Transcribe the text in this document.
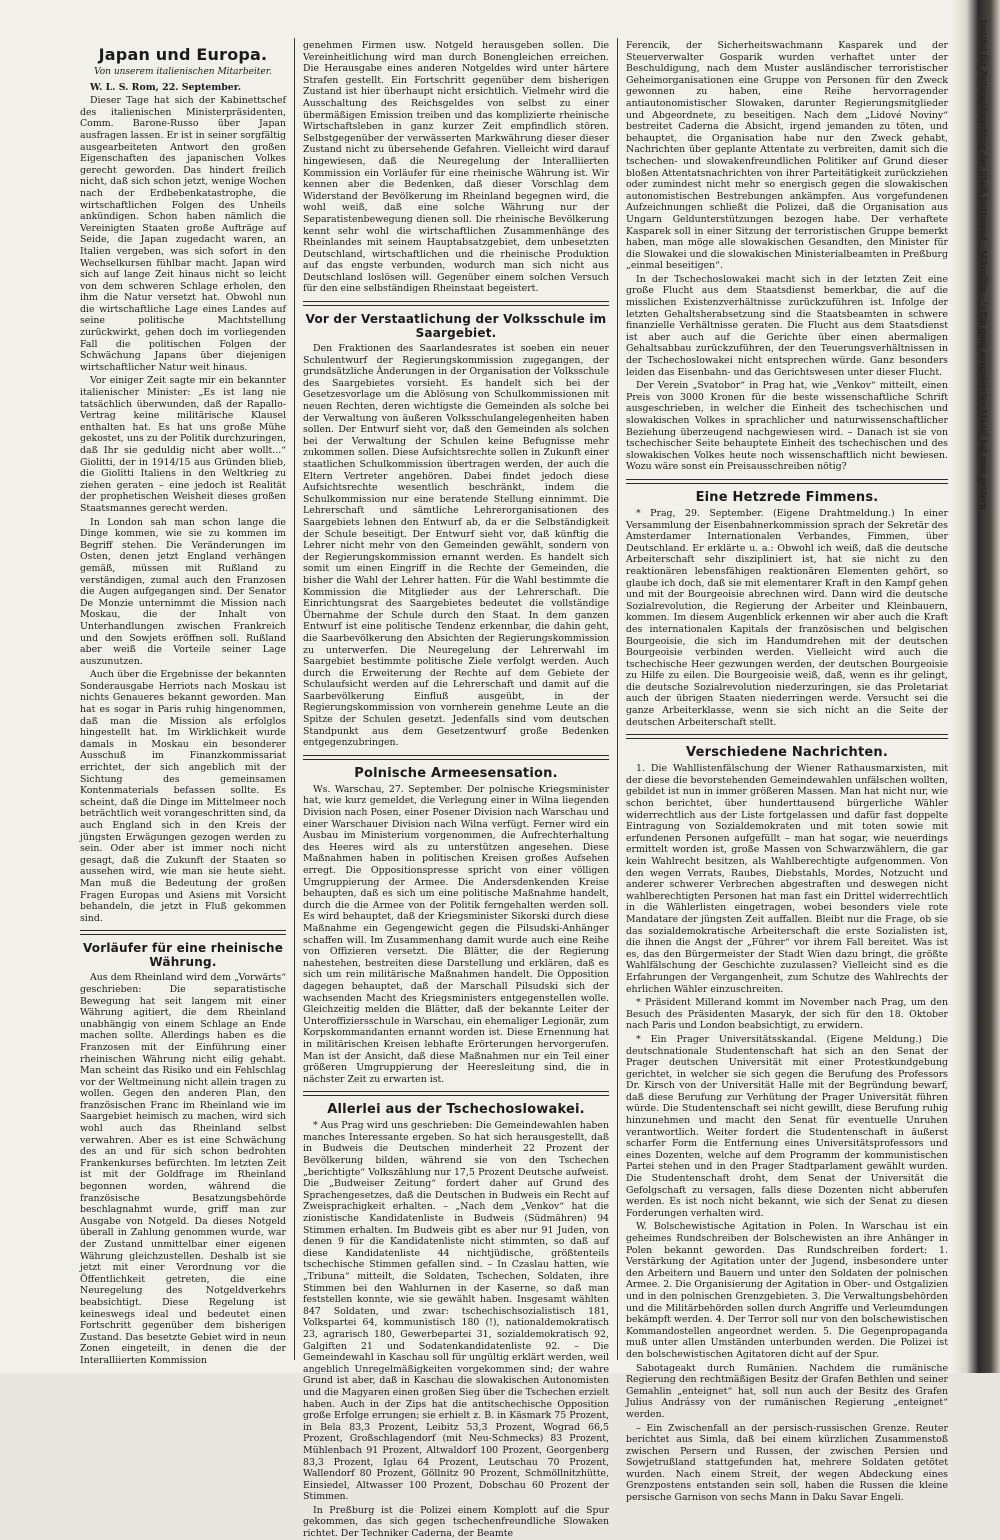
Japan und Europa.
Von unserem italienischen Mitarbeiter.

W. L. S. Rom, 22. September.

Dieser Tage hat sich der Kabinettschef des italienischen Ministerpräsidenten, Comm. Barone-Russo über Japan ausfragen lassen. Er ist in seiner sorgfältig ausgearbeiteten Antwort den großen Eigenschaften des japanischen Volkes gerecht geworden. Das hindert freilich nicht, daß sich schon jetzt, wenige Wochen nach der Erdbebenkatastrophe, die wirtschaftlichen Folgen des Unheils ankündigen. Schon haben nämlich die Vereinigten Staaten große Aufträge auf Seide, die Japan zugedacht waren, an Italien vergeben, was sich sofort in den Wechselkursen fühlbar macht. Japan wird sich auf lange Zeit hinaus nicht so leicht von dem schweren Schlage erholen, den ihm die Natur versetzt hat. Obwohl nun die wirtschaftliche Lage eines Landes auf seine politische Machtstellung zurückwirkt, gehen doch im vorliegenden Fall die politischen Folgen der Schwächung Japans über diejenigen wirtschaftlicher Natur weit hinaus.

Vor einiger Zeit sagte mir ein bekannter italienischer Minister: „Es ist lang nie tatsächlich überwunden, daß der Rapallo-Vertrag keine militärische Klausel enthalten hat. Es hat uns große Mühe gekostet, uns zu der Politik durchzuringen, daß Ihr sie geduldig nicht aber wollt...“ Giolitti, der in 1914/15 aus Gründen blieb, die Giolitti Italiens in den Weltkrieg zu ziehen geraten – eine jedoch ist Realität der prophetischen Weisheit dieses großen Staatsmannes gerecht werden.

In London sah man schon lange die Dinge kommen, wie sie zu kommen im Begriff stehen. Die Veränderungen im Osten, denen jetzt England verhängen gemäß, müssen mit Rußland zu verständigen, zumal auch den Franzosen die Augen aufgegangen sind. Der Senator De Monzie unternimmt die Mission nach Moskau, die der Inhalt von Unterhandlungen zwischen Frankreich und den Sowjets eröffnen soll. Rußland aber weiß die Vorteile seiner Lage auszunutzen.

Auch über die Ergebnisse der bekannten Sonderausgabe Herriots nach Moskau ist nichts Genaueres bekannt geworden. Man hat es sogar in Paris ruhig hingenommen, daß man die Mission als erfolglos hingestellt hat. Im Wirklichkeit wurde damals in Moskau ein besonderer Ausschuß im Finanzkommissariat errichtet, der sich angeblich mit der Sichtung des gemeinsamen Kontenmaterials befassen sollte. Es scheint, daß die Dinge im Mittelmeer noch beträchtlich weit vorangeschritten sind, da auch England sich in den Kreis der jüngsten Erwägungen gezogen werden zu sein. Oder aber ist immer noch nicht gesagt, daß die Zukunft der Staaten so aussehen wird, wie man sie heute sieht. Man muß die Bedeutung der großen Fragen Europas und Asiens mit Vorsicht behandeln, die jetzt in Fluß gekommen sind.

Vorläufer für eine rheinische Währung.

Aus dem Rheinland wird dem „Vorwärts“ geschrieben: Die separatistische Bewegung hat seit langem mit einer Währung agitiert, die dem Rheinland unabhängig von einem Schlage an Ende machen sollte. Allerdings haben es die Franzosen mit der Einführung einer rheinischen Währung nicht eilig gehabt. Man scheint das Risiko und ein Fehlschlag vor der Weltmeinung nicht allein tragen zu wollen. Gegen den anderen Plan, den französischen Franc im Rheinland wie im Saargebiet heimisch zu machen, wird sich wohl auch das Rheinland selbst verwahren. Aber es ist eine Schwächung des an und für sich schon bedrohten Frankenkurses befürchten. Im letzten Zeit ist mit der Goldfrage im Rheinland begonnen worden, während die französische Besatzungsbehörde beschlagnahmt wurde, griff man zur Ausgabe von Notgeld. Da dieses Notgeld überall in Zahlung genommen wurde, war der Zustand unmittelbar einer eigenen Währung gleichzustellen. Deshalb ist sie jetzt mit einer Verordnung vor die Öffentlichkeit getreten, die eine Neuregelung des Notgeldverkehrs beabsichtigt. Diese Regelung ist keineswegs ideal und bedeutet einen Fortschritt gegenüber dem bisherigen Zustand. Das besetzte Gebiet wird in neun Zonen eingeteilt, in denen die der Interalliierten Kommission

genehmen Firmen usw. Notgeld herausgeben sollen. Die Vereinheitlichung wird man durch Bonengleichen erreichen. Die Herausgabe eines anderen Notgeldes wird unter härtere Strafen gestellt. Ein Fortschritt gegenüber dem bisherigen Zustand ist hier überhaupt nicht ersichtlich. Vielmehr wird die Ausschaltung des Reichsgeldes von selbst zu einer übermäßigen Emission treiben und das komplizierte rheinische Wirtschaftsleben in ganz kurzer Zeit empfindlich stören. Selbstgegenüber der verwässerten Markwährung dieser dieser Zustand nicht zu übersehende Gefahren. Vielleicht wird darauf hingewiesen, daß die Neuregelung der Interalliierten Kommission ein Vorläufer für eine rheinische Währung ist. Wir kennen aber die Bedenken, daß dieser Vorschlag dem Widerstand der Bevölkerung im Rheinland begegnen wird, die wohl weiß, daß eine solche Währung nur der Separatistenbewegung dienen soll. Die rheinische Bevölkerung kennt sehr wohl die wirtschaftlichen Zusammenhänge des Rheinlandes mit seinem Hauptabsatzgebiet, dem unbesetzten Deutschland, wirtschaftlichen und die rheinische Produktion auf das engste verbunden, wodurch man sich nicht aus Deutschland loslösen will. Gegenüber einem solchen Versuch für den eine selbständigen Rheinstaat begeistert.

Vor der Verstaatlichung der Volksschule im Saargebiet.

Den Fraktionen des Saarlandesrates ist soeben ein neuer Schulentwurf der Regierungskommission zugegangen, der grundsätzliche Änderungen in der Organisation der Volksschule des Saargebietes vorsieht. Es handelt sich bei der Gesetzesvorlage um die Ablösung von Schulkommissionen mit neuen Rechten, deren wichtigste die Gemeinden als solche bei der Verwaltung von äußeren Volksschulangelegenheiten haben sollen. Der Entwurf sieht vor, daß den Gemeinden als solchen bei der Verwaltung der Schulen keine Befugnisse mehr zukommen sollen. Diese Aufsichtsrechte sollen in Zukunft einer staatlichen Schulkommission übertragen werden, der auch die Eltern Vertreter angehören. Dabei findet jedoch diese Aufsichtsrechte wesentlich beschränkt, indem die Schulkommission nur eine beratende Stellung einnimmt. Die Lehrerschaft und sämtliche Lehrerorganisationen des Saargebiets lehnen den Entwurf ab, da er die Selbständigkeit der Schule beseitigt. Der Entwurf sieht vor, daß künftig die Lehrer nicht mehr von den Gemeinden gewählt, sondern von der Regierungskommission ernannt werden. Es handelt sich somit um einen Eingriff in die Rechte der Gemeinden, die bisher die Wahl der Lehrer hatten. Für die Wahl bestimmte die Kommission die Mitglieder aus der Lehrerschaft. Die Einrichtungsrat des Saargebietes bedeutet die vollständige Übernahme der Schule durch den Staat. In dem ganzen Entwurf ist eine politische Tendenz erkennbar, die dahin geht, die Saarbevölkerung den Absichten der Regierungskommission zu unterwerfen. Die Neuregelung der Lehrerwahl im Saargebiet bestimmte politische Ziele verfolgt werden. Auch durch die Erweiterung der Rechte auf dem Gebiete der Schulaufsicht werden auf die Lehrerschaft und damit auf die Saarbevölkerung Einfluß ausgeübt, in der Regierungskommission von vornherein genehme Leute an die Spitze der Schulen gesetzt. Jedenfalls sind vom deutschen Standpunkt aus dem Gesetzentwurf große Bedenken entgegenzubringen.

Polnische Armeesensation.

Ws. Warschau, 27. September. Der polnische Kriegsminister hat, wie kurz gemeldet, die Verlegung einer in Wilna liegenden Division nach Posen, einer Posener Division nach Warschau und einer Warschauer Division nach Wilna verfügt. Ferner wird ein Ausbau im Ministerium vorgenommen, die Aufrechterhaltung des Heeres wird als zu unterstützen angesehen. Diese Maßnahmen haben in politischen Kreisen großes Aufsehen erregt. Die Oppositionspresse spricht von einer völligen Umgruppierung der Armee. Die Andersdenkenden Kreise behaupten, daß es sich um eine politische Maßnahme handelt, durch die die Armee von der Politik ferngehalten werden soll. Es wird behauptet, daß der Kriegsminister Sikorski durch diese Maßnahme ein Gegengewicht gegen die Pilsudski-Anhänger schaffen will. Im Zusammenhang damit wurde auch eine Reihe von Offizieren versetzt. Die Blätter, die der Regierung nahestehen, bestreiten diese Darstellung und erklären, daß es sich um rein militärische Maßnahmen handelt. Die Opposition dagegen behauptet, daß der Marschall Pilsudski sich der wachsenden Macht des Kriegsministers entgegenstellen wolle. Gleichzeitig melden die Blätter, daß der bekannte Leiter der Unteroffiziersschule in Warschau, ein ehemaliger Legionär, zum Korpskommandanten ernannt worden ist. Diese Ernennung hat in militärischen Kreisen lebhafte Erörterungen hervorgerufen. Man ist der Ansicht, daß diese Maßnahmen nur ein Teil einer größeren Umgruppierung der Heeresleitung sind, die in nächster Zeit zu erwarten ist.

Allerlei aus der Tschechoslowakei.

* Aus Prag wird uns geschrieben: Die Gemeindewahlen haben manches Interessante ergeben. So hat sich herausgestellt, daß in Budweis die Deutschen minderheit 22 Prozent der Bevölkerung bilden, während sie von den Tschechen „berichtigte“ Volkszählung nur 17,5 Prozent Deutsche aufweist. Die „Budweiser Zeitung“ fordert daher auf Grund des Sprachengesetzes, daß die Deutschen in Budweis ein Recht auf Zweisprachigkeit erhalten. – „Nach dem „Venkov“ hat die zionistische Kandidatenliste in Budweis (Südmähren) 94 Stimmen erhalten. Im Budweis gibt es aber nur 91 Juden, von denen 9 für die Kandidatenliste nicht stimmten, so daß auf diese Kandidatenliste 44 nichtjüdische, größtenteils tschechische Stimmen gefallen sind. – In Czaslau hatten, wie „Tribuna“ mitteilt, die Soldaten, Tschechen, Soldaten, ihre Stimmen bei den Wahlurnen in der Kaserne, so daß man feststellen konnte, wie sie gewählt haben. Insgesamt wählten 847 Soldaten, und zwar: tschechischsozialistisch 181, Volkspartei 64, kommunistisch 180 (!), nationaldemokratisch 23, agrarisch 180, Gewerbepartei 31, sozialdemokratisch 92, Galgiften 21 und Sodatenkandidatenliste 92. – Die Gemeindewahl in Kaschau soll für ungültig erklärt werden, weil angeblich Unregelmäßigkeiten vorgekommen sind; der wahre Grund ist aber, daß in Kaschau die slowakischen Autonomisten und die Magyaren einen großen Sieg über die Tschechen erzielt haben. Auch in der Zips hat die antitschechische Opposition große Erfolge errungen; sie erhielt z. B. in Käsmark 75 Prozent, in Bela 83,3 Prozent, Leibitz 53,3 Prozent, Wograd 66,5 Prozent, Großschlagendorf (mit Neu-Schmecks) 83 Prozent, Mühlenbach 91 Prozent, Altwaldorf 100 Prozent, Georgenberg 83,3 Prozent, Iglau 64 Prozent, Leutschau 70 Prozent, Wallendorf 80 Prozent, Göllnitz 90 Prozent, Schmöllnitzhütte, Einsiedel, Altwasser 100 Prozent, Dobschau 60 Prozent der Stimmen.

In Preßburg ist die Polizei einem Komplott auf die Spur gekommen, das sich gegen tschechenfreundliche Slowaken richtet. Der Techniker Caderna, der Beamte

Ferencik, der Sicherheitswachmann Kasparek und der Steuerverwalter Gosparik wurden verhaftet unter der Beschuldigung, nach dem Muster ausländischer terroristischer Geheimorganisationen eine Gruppe von Personen für den Zweck gewonnen zu haben, eine Reihe hervorragender antiautonomistischer Slowaken, darunter Regierungsmitglieder und Abgeordnete, zu beseitigen. Nach dem „Lidové Noviny“ bestreitet Caderna die Absicht, irgend jemanden zu töten, und behauptet, die Organisation habe nur den Zweck gehabt, Nachrichten über geplante Attentate zu verbreiten, damit sich die tschechen- und slowakenfreundlichen Politiker auf Grund dieser bloßen Attentatsnachrichten von ihrer Parteitätigkeit zurückziehen oder zumindest nicht mehr so energisch gegen die slowakischen autonomistischen Bestrebungen ankämpfen. Aus vorgefundenen Aufzeichnungen schließt die Polizei, daß die Organisation aus Ungarn Geldunterstützungen bezogen habe. Der verhaftete Kasparek soll in einer Sitzung der terroristischen Gruppe bemerkt haben, man möge alle slowakischen Gesandten, den Minister für die Slowakei und die slowakischen Ministerialbeamten in Preßburg „einmal beseitigen“.

In der Tschechoslowakei macht sich in der letzten Zeit eine große Flucht aus dem Staatsdienst bemerkbar, die auf die misslichen Existenzverhältnisse zurückzuführen ist. Infolge der letzten Gehaltsherabsetzung sind die Staatsbeamten in schwere finanzielle Verhältnisse geraten. Die Flucht aus dem Staatsdienst ist aber auch auf die Gerichte über einen abermaligen Gehaltsabbau zurückzuführen, der den Teuerungsverhältnissen in der Tschechoslowakei nicht entsprechen würde. Ganz besonders leiden das Eisenbahn- und das Gerichtswesen unter dieser Flucht.

Der Verein „Svatobor“ in Prag hat, wie „Venkov“ mitteilt, einen Preis von 3000 Kronen für die beste wissenschaftliche Schrift ausgeschrieben, in welcher die Einheit des tschechischen und slowakischen Volkes in sprachlicher und naturwissenschaftlicher Beziehung überzeugend nachgewiesen wird. – Danach ist sie von tschechischer Seite behauptete Einheit des tschechischen und des slowakischen Volkes heute noch wissenschaftlich nicht bewiesen. Wozu wäre sonst ein Preisausschreiben nötig?

Eine Hetzrede Fimmens.

* Prag, 29. September. (Eigene Drahtmeldung.) In einer Versammlung der Eisenbahnerkommission sprach der Sekretär des Amsterdamer Internationalen Verbandes, Fimmen, über Deutschland. Er erklärte u. a.: Obwohl ich weiß, daß die deutsche Arbeiterschaft sehr diszipliniert ist, hat sie nicht zu den reaktionären lebensfähigen reaktionären Elementen gehört, so glaube ich doch, daß sie mit elementarer Kraft in den Kampf gehen und mit der Bourgeoisie abrechnen wird. Dann wird die deutsche Sozialrevolution, die Regierung der Arbeiter und Kleinbauern, kommen. Im diesem Augenblick erkennen wir aber auch die Kraft des internationalen Kapitals der französischen und belgischen Bourgeoisie, die sich im Handumdrehen mit der deutschen Bourgeoisie verbinden werden. Vielleicht wird auch die tschechische Heer gezwungen werden, der deutschen Bourgeoisie zu Hilfe zu eilen. Die Bourgeoisie weiß, daß, wenn es ihr gelingt, die deutsche Sozialrevolution niederzuringen, sie das Proletariat auch der übrigen Staaten niederringen werde. Versucht sei die ganze Arbeiterklasse, wenn sie sich nicht an die Seite der deutschen Arbeiterschaft stellt.

Verschiedene Nachrichten.

1. Die Wahllistenfälschung der Wiener Rathausmarxisten, mit der diese die bevorstehenden Gemeindewahlen unfälschen wollten, gebildet ist nun in immer größeren Massen. Man hat nicht nur, wie schon berichtet, über hunderttausend bürgerliche Wähler widerrechtlich aus der Liste fortgelassen und dafür fast doppelte Eintragung von Sozialdemokraten und mit toten sowie mit erfundenen Personen aufgefüllt – man hat sogar, wie neuerdings ermittelt worden ist, große Massen von Schwarzwählern, die gar kein Wahlrecht besitzen, als Wahlberechtigte aufgenommen. Von den wegen Verrats, Raubes, Diebstahls, Mordes, Notzucht und anderer schwerer Verbrechen abgestraften und deswegen nicht wahlberechtigten Personen hat man fast ein Drittel widerrechtlich in die Wählerlisten eingetragen, wobei besonders viele rote Mandatare der jüngsten Zeit auffallen. Bleibt nur die Frage, ob sie das sozialdemokratische Arbeiterschaft die erste Sozialisten ist, die ihnen die Angst der „Führer“ vor ihrem Fall bereitet. Was ist es, das den Bürgermeister der Stadt Wien dazu bringt, die größte Wahlfälschung der Geschichte zuzulassen? Vielleicht sind es die Erfahrungen der Vergangenheit, zum Schutze des Wahlrechts der ehrlichen Wähler einzuschreiten.

* Präsident Millerand kommt im November nach Prag, um den Besuch des Präsidenten Masaryk, der sich für den 18. Oktober nach Paris und London beabsichtigt, zu erwidern.

* Ein Prager Universitätsskandal. (Eigene Meldung.) Die deutschnationale Studentenschaft hat sich an den Senat der Prager deutschen Universität mit einer Protestkundgebung gerichtet, in welcher sie sich gegen die Berufung des Professors Dr. Kirsch von der Universität Halle mit der Begründung bewarf, daß diese Berufung zur Verhütung der Prager Universität führen würde. Die Studentenschaft sei nicht gewillt, diese Berufung ruhig hinzunehmen und macht den Senat für eventuelle Unruhen verantwortlich. Weiter fordert die Studentenschaft in äußerst scharfer Form die Entfernung eines Universitätsprofessors und eines Dozenten, welche auf dem Programm der kommunistischen Partei stehen und in den Prager Stadtparlament gewählt wurden. Die Studentenschaft droht, dem Senat der Universität die Gefolgschaft zu versagen, falls diese Dozenten nicht abberufen werden. Es ist noch nicht bekannt, wie sich der Senat zu diesen Forderungen verhalten wird.

W. Bolschewistische Agitation in Polen. In Warschau ist ein geheimes Rundschreiben der Bolschewisten an ihre Anhänger in Polen bekannt geworden. Das Rundschreiben fordert: 1. Verstärkung der Agitation unter der Jugend, insbesondere unter den Arbeitern und Bauern und unter den Soldaten der polnischen Armee. 2. Die Organisierung der Agitation in Ober- und Ostgalizien und in den polnischen Grenzgebieten. 3. Die Verwaltungsbehörden und die Militärbehörden sollen durch Angriffe und Verleumdungen bekämpft werden. 4. Der Terror soll nur von den bolschewistischen Kommandostellen angeordnet werden. 5. Die Gegenpropaganda muß unter allen Umständen unterbunden werden. Die Polizei ist den bolschewistischen Agitatoren dicht auf der Spur.

Sabotageakt durch Rumänien. Nachdem die rumänische Regierung den rechtmäßigen Besitz der Grafen Bethlen und seiner Gemahlin „enteignet“ hat, soll nun auch der Besitz des Grafen Julius Andrássy von der rumänischen Regierung „enteignet“ werden.

– Ein Zwischenfall an der persisch-russischen Grenze. Reuter berichtet aus Simla, daß bei einem kürzlichen Zusammenstoß zwischen Persern und Russen, der zwischen Persien und Sowjetrußland stattgefunden hat, mehrere Soldaten getötet wurden. Nach einem Streit, der wegen Abdeckung eines Grenzpostens entstanden sein soll, haben die Russen die kleine persische Garnison von sechs Mann in Daku Savar Engeli.

Institut für Zeitungsforschung der Stadt Dortmund – Mikrofilm – ¹) Ein ganz ausgeleertes Mädel hat man gestern
